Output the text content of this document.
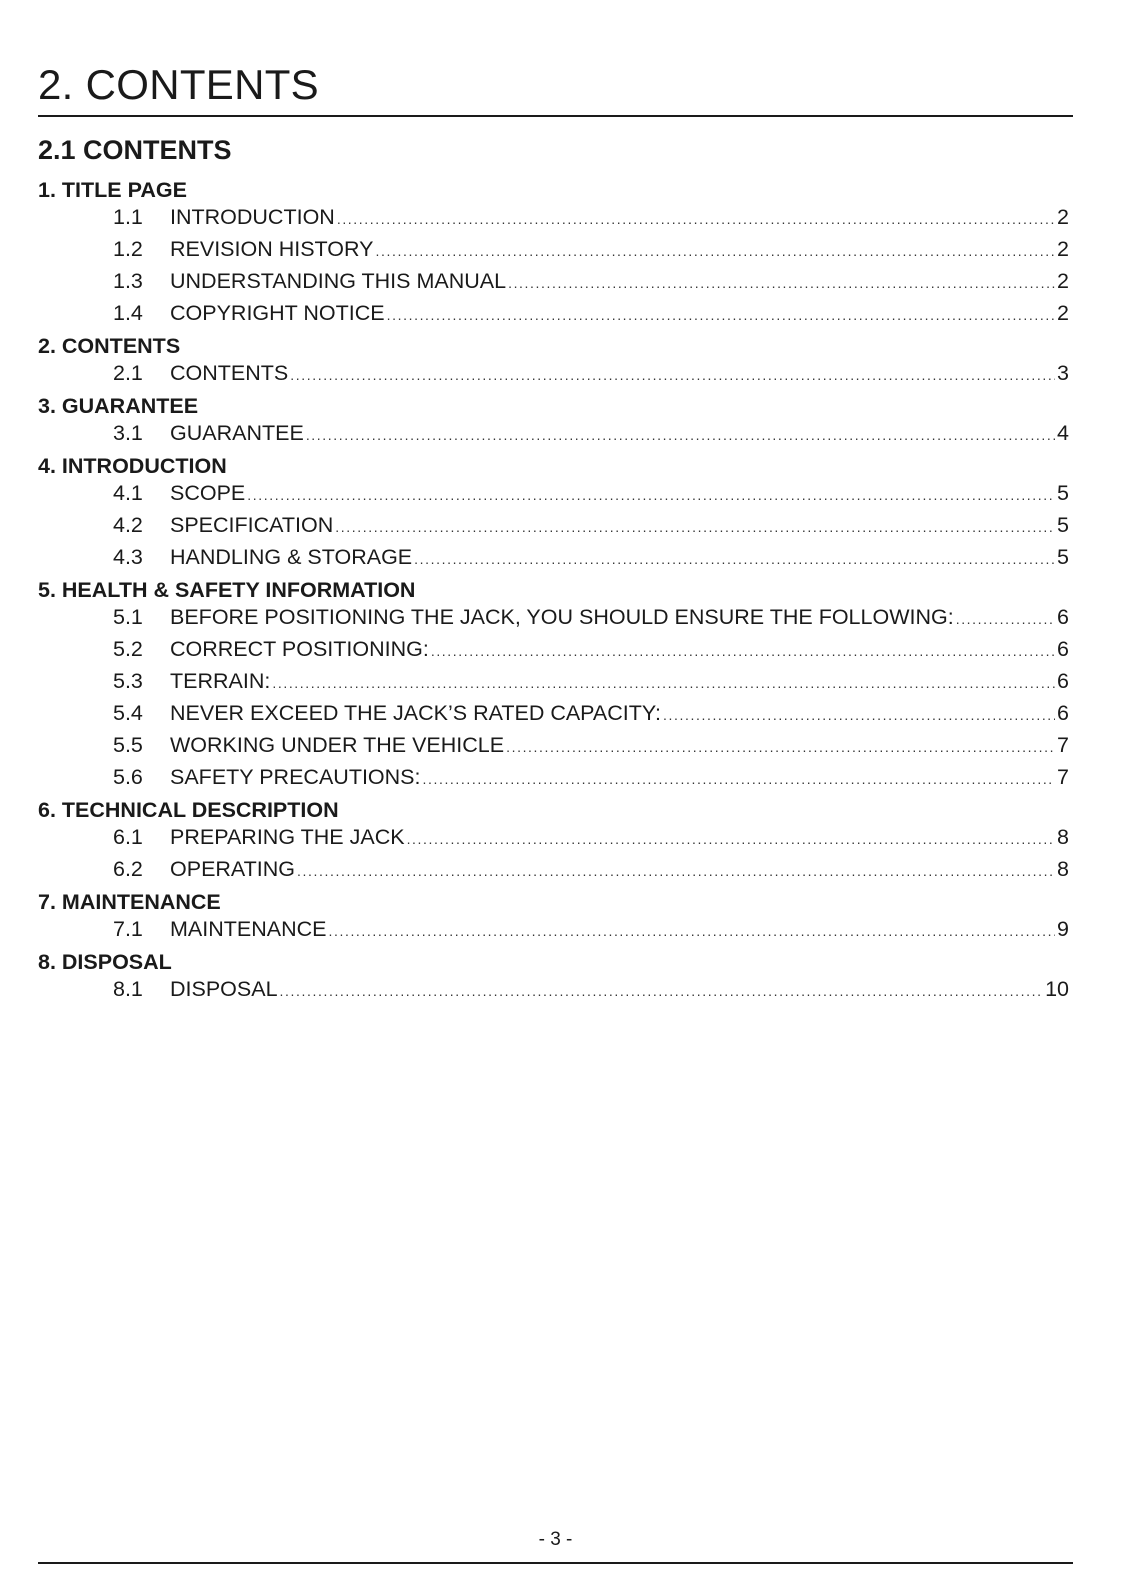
2. CONTENTS
2.1 CONTENTS
1. TITLE PAGE
1.1	INTRODUCTION .....	2
1.2	REVISION HISTORY .....	2
1.3	UNDERSTANDING THIS MANUAL .....	2
1.4	COPYRIGHT NOTICE .....	2
2. CONTENTS
2.1	CONTENTS .....	3
3. GUARANTEE
3.1	GUARANTEE .....	4
4. INTRODUCTION
4.1	SCOPE .....	5
4.2	SPECIFICATION .....	5
4.3	HANDLING & STORAGE .....	5
5. HEALTH & SAFETY INFORMATION
5.1	BEFORE POSITIONING THE JACK, YOU SHOULD ENSURE THE FOLLOWING: .....	6
5.2	CORRECT POSITIONING: .....	6
5.3	TERRAIN: .....	6
5.4	NEVER EXCEED THE JACK’S RATED CAPACITY: .....	6
5.5	WORKING UNDER THE VEHICLE .....	7
5.6	SAFETY PRECAUTIONS: .....	7
6. TECHNICAL DESCRIPTION
6.1	PREPARING THE JACK .....	8
6.2	OPERATING .....	8
7. MAINTENANCE
7.1	MAINTENANCE .....	9
8. DISPOSAL
8.1	DISPOSAL .....	10
- 3 -
